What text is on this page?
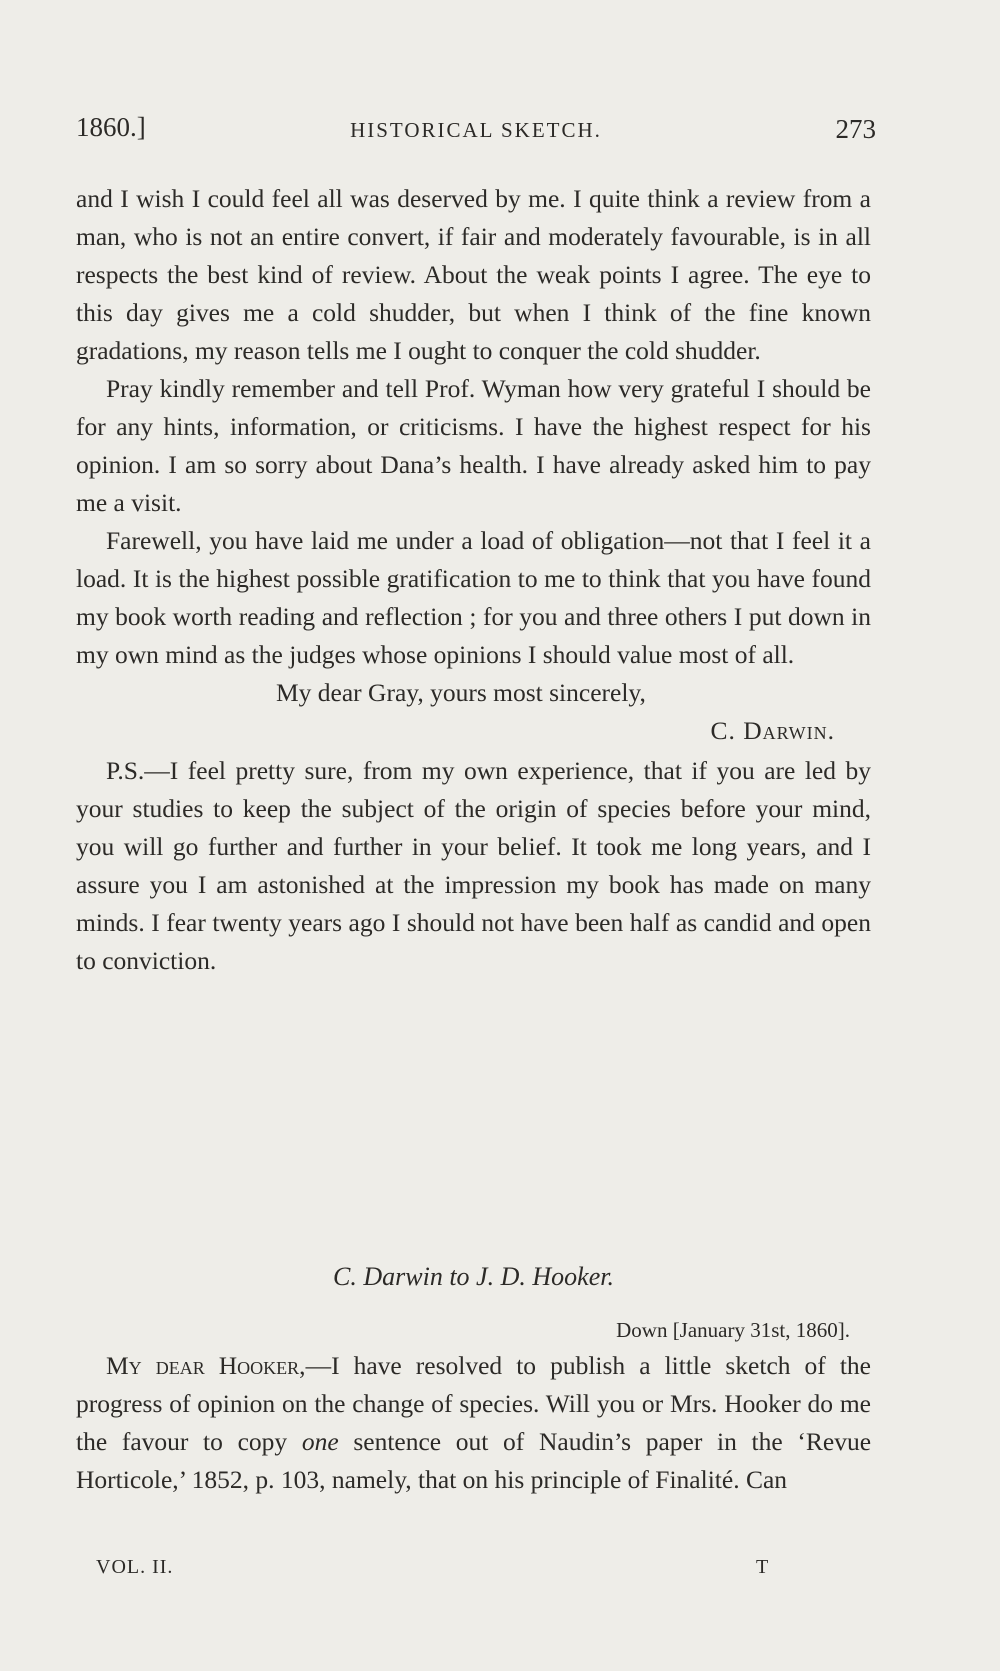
1860.]	HISTORICAL SKETCH.	273

and I wish I could feel all was deserved by me. I quite think a review from a man, who is not an entire convert, if fair and moderately favourable, is in all respects the best kind of review. About the weak points I agree. The eye to this day gives me a cold shudder, but when I think of the fine known gradations, my reason tells me I ought to conquer the cold shudder.

Pray kindly remember and tell Prof. Wyman how very grateful I should be for any hints, information, or criticisms. I have the highest respect for his opinion. I am so sorry about Dana’s health. I have already asked him to pay me a visit.

Farewell, you have laid me under a load of obligation—not that I feel it a load. It is the highest possible gratification to me to think that you have found my book worth reading and reflection ; for you and three others I put down in my own mind as the judges whose opinions I should value most of all.

My dear Gray, yours most sincerely,

C. Darwin.

P.S.—I feel pretty sure, from my own experience, that if you are led by your studies to keep the subject of the origin of species before your mind, you will go further and further in your belief. It took me long years, and I assure you I am astonished at the impression my book has made on many minds. I fear twenty years ago I should not have been half as candid and open to conviction.

C. Darwin to J. D. Hooker.
Down [January 31st, 1860].

My dear Hooker,—I have resolved to publish a little sketch of the progress of opinion on the change of species. Will you or Mrs. Hooker do me the favour to copy one sentence out of Naudin’s paper in the ‘Revue Horticole,’ 1852, p. 103, namely, that on his principle of Finalité. Can

VOL. II.	T
